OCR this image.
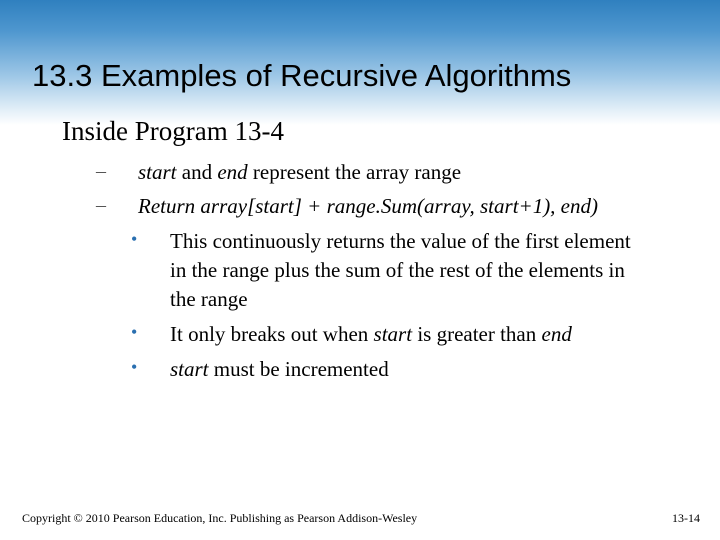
13.3 Examples of Recursive Algorithms
Inside Program 13-4
– start and end represent the array range
– Return array[start] + range.Sum(array, start+1), end)
• This continuously returns the value of the first element
in the range plus the sum of the rest of the elements in
the range
• It only breaks out when start is greater than end
• start must be incremented
Copyright © 2010 Pearson Education, Inc. Publishing as Pearson Addison-Wesley	13-14
